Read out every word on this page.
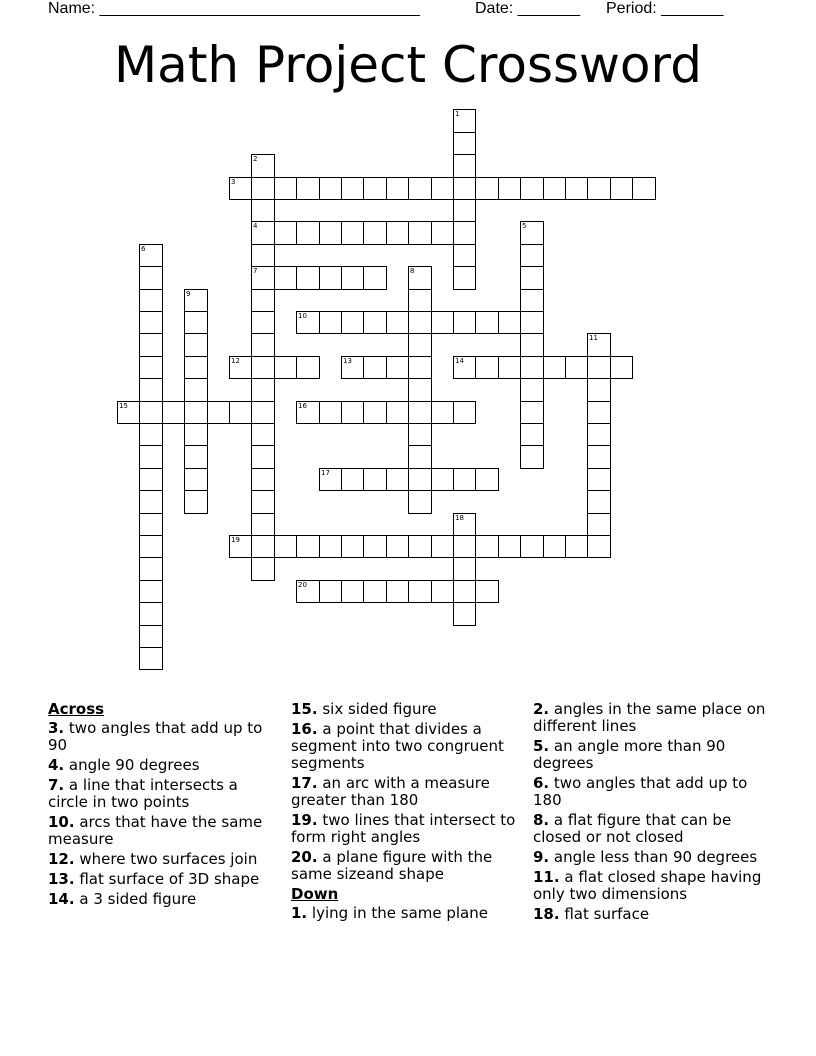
Name: ____________________________________	Date: _______ Period: _______
Math Project Crossword
3
4
7
10
12	13	14
15	16
17
19
20
1
2
5
6
8
9
11
18
Across
3. two angles that add up to 90
4. angle 90 degrees
7. a line that intersects a circle in two points
10. arcs that have the same measure
12. where two surfaces join
13. flat surface of 3D shape
14. a 3 sided figure
15. six sided figure
16. a point that divides a segment into two congruent segments
17. an arc with a measure greater than 180
19. two lines that intersect to form right angles
20. a plane figure with the same sizeand shape
Down
1. lying in the same plane
2. angles in the same place on different lines
5. an angle more than 90 degrees
6. two angles that add up to 180
8. a flat figure that can be closed or not closed
9. angle less than 90 degrees
11. a flat closed shape having only two dimensions
18. flat surface
